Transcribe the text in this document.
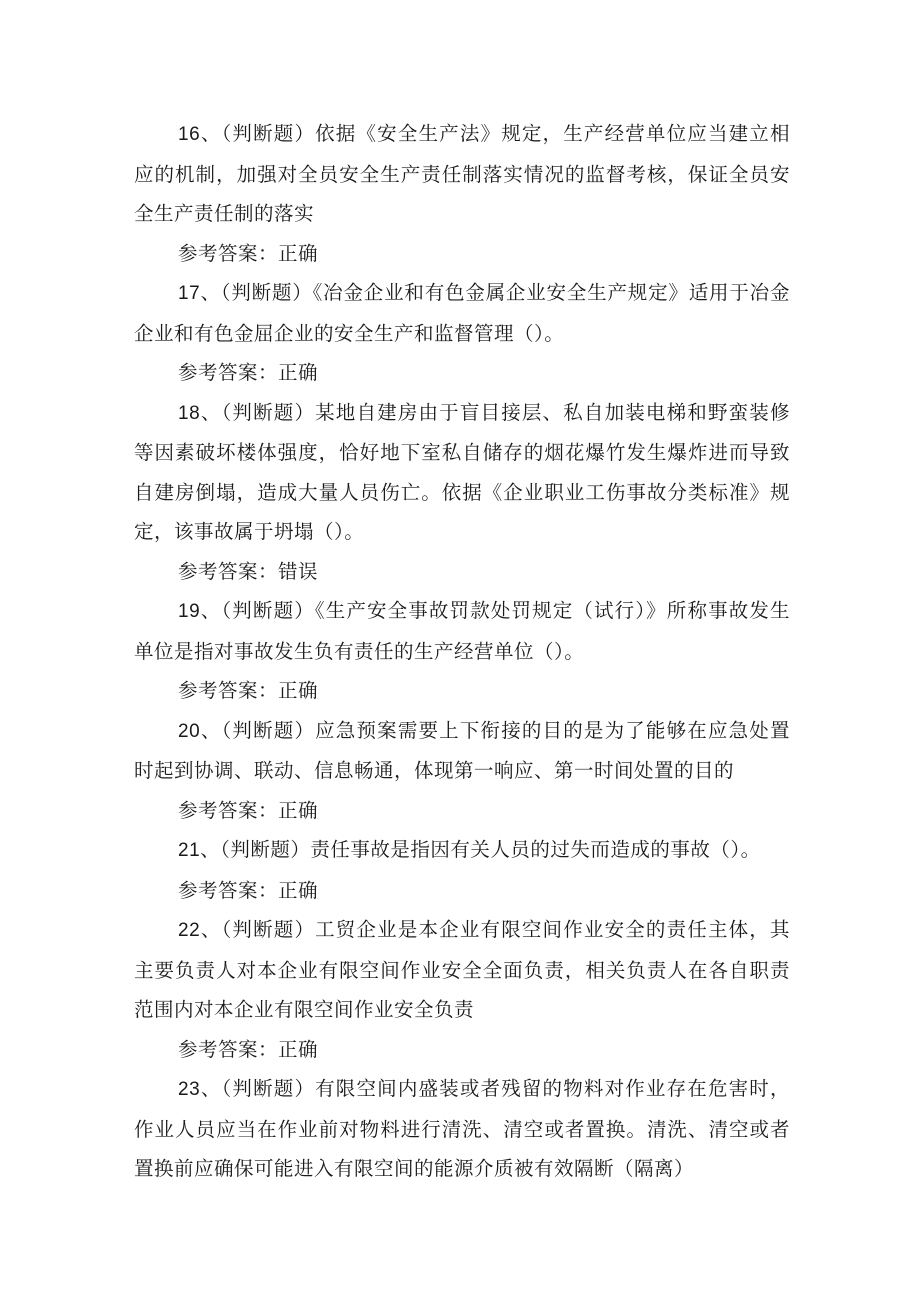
16、（判断题）依据《安全生产法》规定，生产经营单位应当建立相应的机制，加强对全员安全生产责任制落实情况的监督考核，保证全员安全生产责任制的落实

参考答案：正确

17、（判断题）《冶金企业和有色金属企业安全生产规定》适用于冶金企业和有色金屈企业的安全生产和监督管理（）。

参考答案：正确

18、（判断题）某地自建房由于盲目接层、私自加装电梯和野蛮装修等因素破坏楼体强度，恰好地下室私自储存的烟花爆竹发生爆炸进而导致自建房倒塌，造成大量人员伤亡。依据《企业职业工伤事故分类标准》规定，该事故属于坍塌（）。

参考答案：错误

19、（判断题）《生产安全事故罚款处罚规定（试行）》所称事故发生单位是指对事故发生负有责任的生产经营单位（）。

参考答案：正确

20、（判断题）应急预案需要上下衔接的目的是为了能够在应急处置时起到协调、联动、信息畅通，体现第一响应、第一时间处置的目的

参考答案：正确

21、（判断题）责任事故是指因有关人员的过失而造成的事故（）。

参考答案：正确

22、（判断题）工贸企业是本企业有限空间作业安全的责任主体，其主要负责人对本企业有限空间作业安全全面负责，相关负责人在各自职责范围内对本企业有限空间作业安全负责

参考答案：正确

23、（判断题）有限空间内盛装或者残留的物料对作业存在危害时，作业人员应当在作业前对物料进行清洗、清空或者置换。清洗、清空或者置换前应确保可能进入有限空间的能源介质被有效隔断（隔离）
